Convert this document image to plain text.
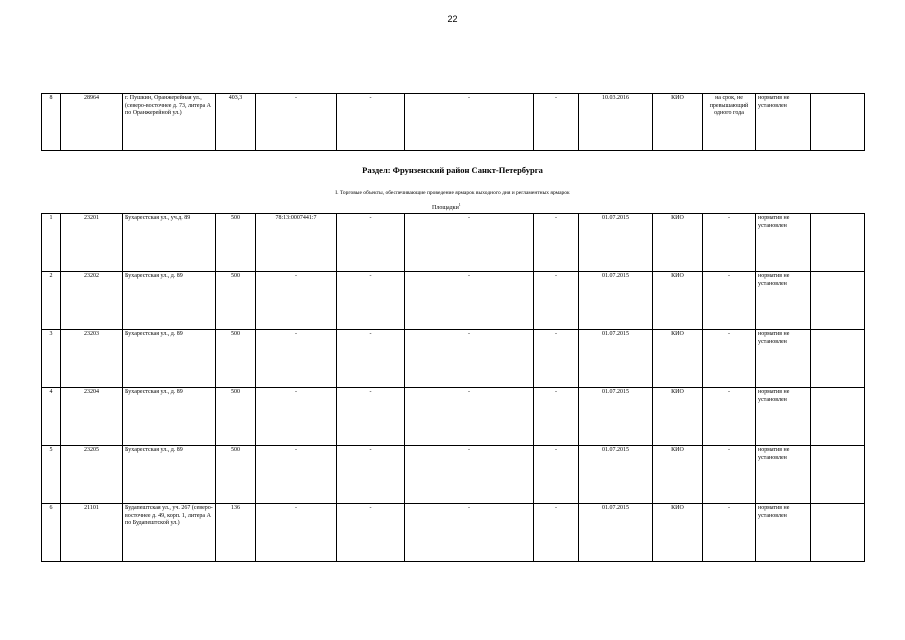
22
8	28964	г. Пушкин, Оранжерейная ул., (северо-восточнее д. 73, литера А по Оранжерейной ул.)	403,3	-	-	-	-	10.03.2016	КИО	на срок, не превышающий одного года	норматив не установлен	
Раздел: Фрунзенский район Санкт-Петербурга
I. Торговые объекты, обеспечивающие проведение ярмарок выходного дня и регламентных ярмарок
Площадки$^1$
1	23201	Бухарестская ул., уч.д. 89	500	78:13:0007441:7	-	-	-	01.07.2015	КИО	-	норматив не установлен	
2	23202	Бухарестская ул., д. 89	500	-	-	-	-	01.07.2015	КИО	-	норматив не установлен	
3	23203	Бухарестская ул., д. 89	500	-	-	-	-	01.07.2015	КИО	-	норматив не установлен	
4	23204	Бухарестская ул., д. 89	500	-	-	-	-	01.07.2015	КИО	-	норматив не установлен	
5	23205	Бухарестская ул., д. 89	500	-	-	-	-	01.07.2015	КИО	-	норматив не установлен	
6	21101	Будапештская ул., уч. 267 (северо-восточнее д. 49, корп. 1, литера А по Будапештской ул.)	136	-	-	-	-	01.07.2015	КИО	-	норматив не установлен	
